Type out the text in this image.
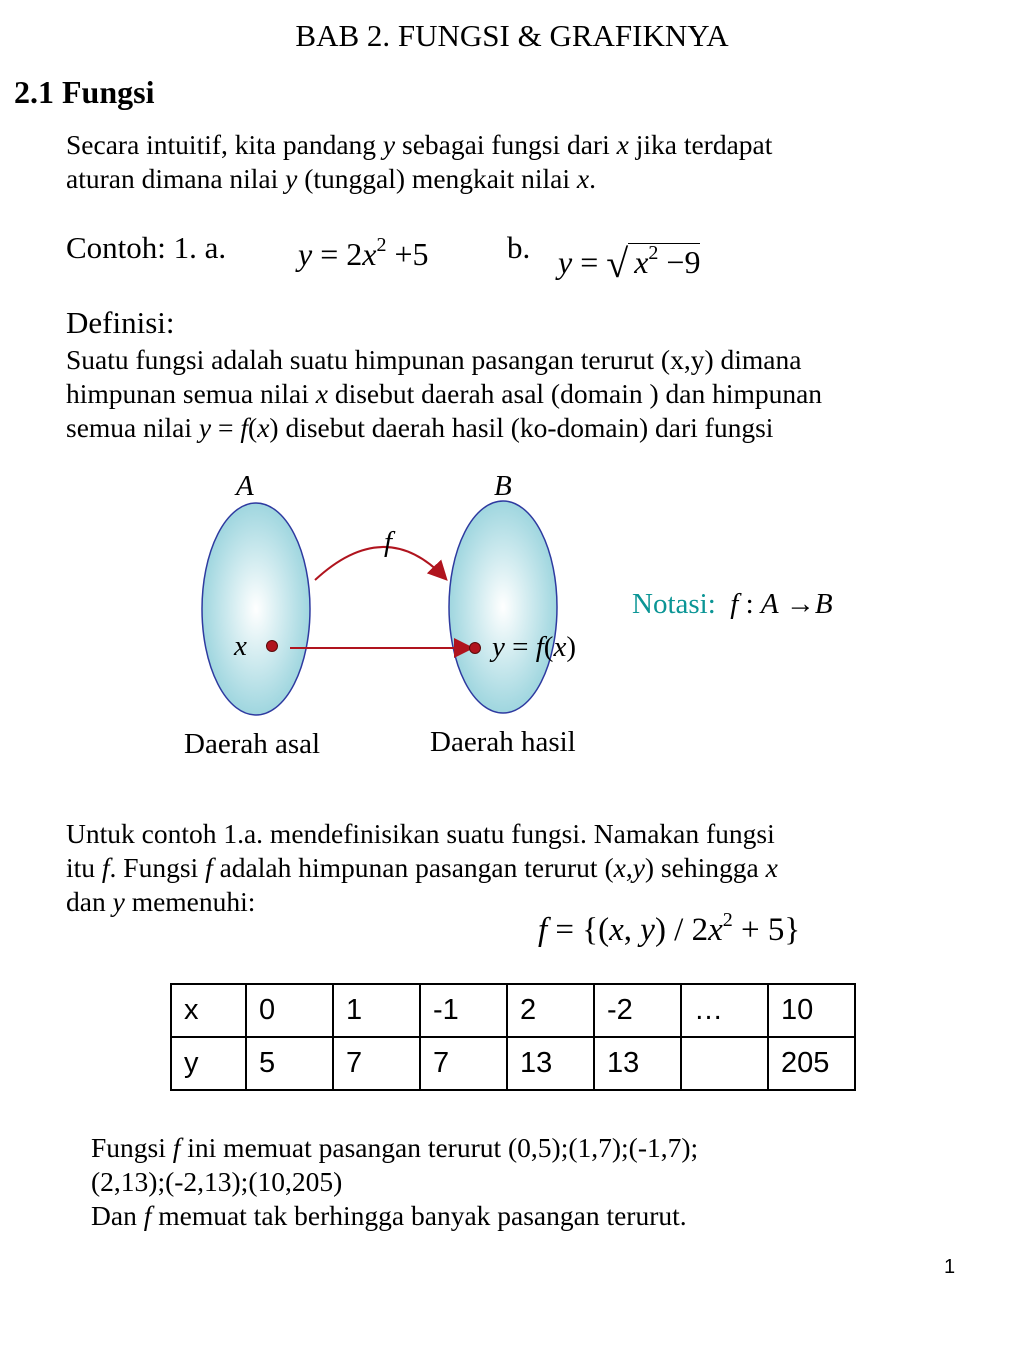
BAB 2. FUNGSI & GRAFIKNYA
2.1 Fungsi
Secara intuitif, kita pandang y sebagai fungsi dari x jika terdapat
aturan dimana nilai y (tunggal) mengkait nilai x.
Contoh: 1. a. $y = 2x^2 +5$	b. y = √ $x^2 -9$
Definisi:
Suatu fungsi adalah suatu himpunan pasangan terurut (x,y) dimana
himpunan semua nilai x disebut daerah asal (domain ) dan himpunan
semua nilai y = f(x) disebut daerah hasil (ko-domain) dari fungsi
A	B
f
x	y = f(x)
Daerah asal	Daerah hasil
Notasi: f : A →B
Untuk contoh 1.a. mendefinisikan suatu fungsi. Namakan fungsi
itu f. Fungsi f adalah himpunan pasangan terurut (x,y) sehingga x
dan y memenuhi:
f = {(x, $y) / 2x^2 + 5$}
x	0	1	-1	2	-2	…	10
y	5	7	7	13	13		205
Fungsi f ini memuat pasangan terurut (0,5);(1,7);(-1,7);
(2,13);(-2,13);(10,205)
Dan f memuat tak berhingga banyak pasangan terurut.
1
